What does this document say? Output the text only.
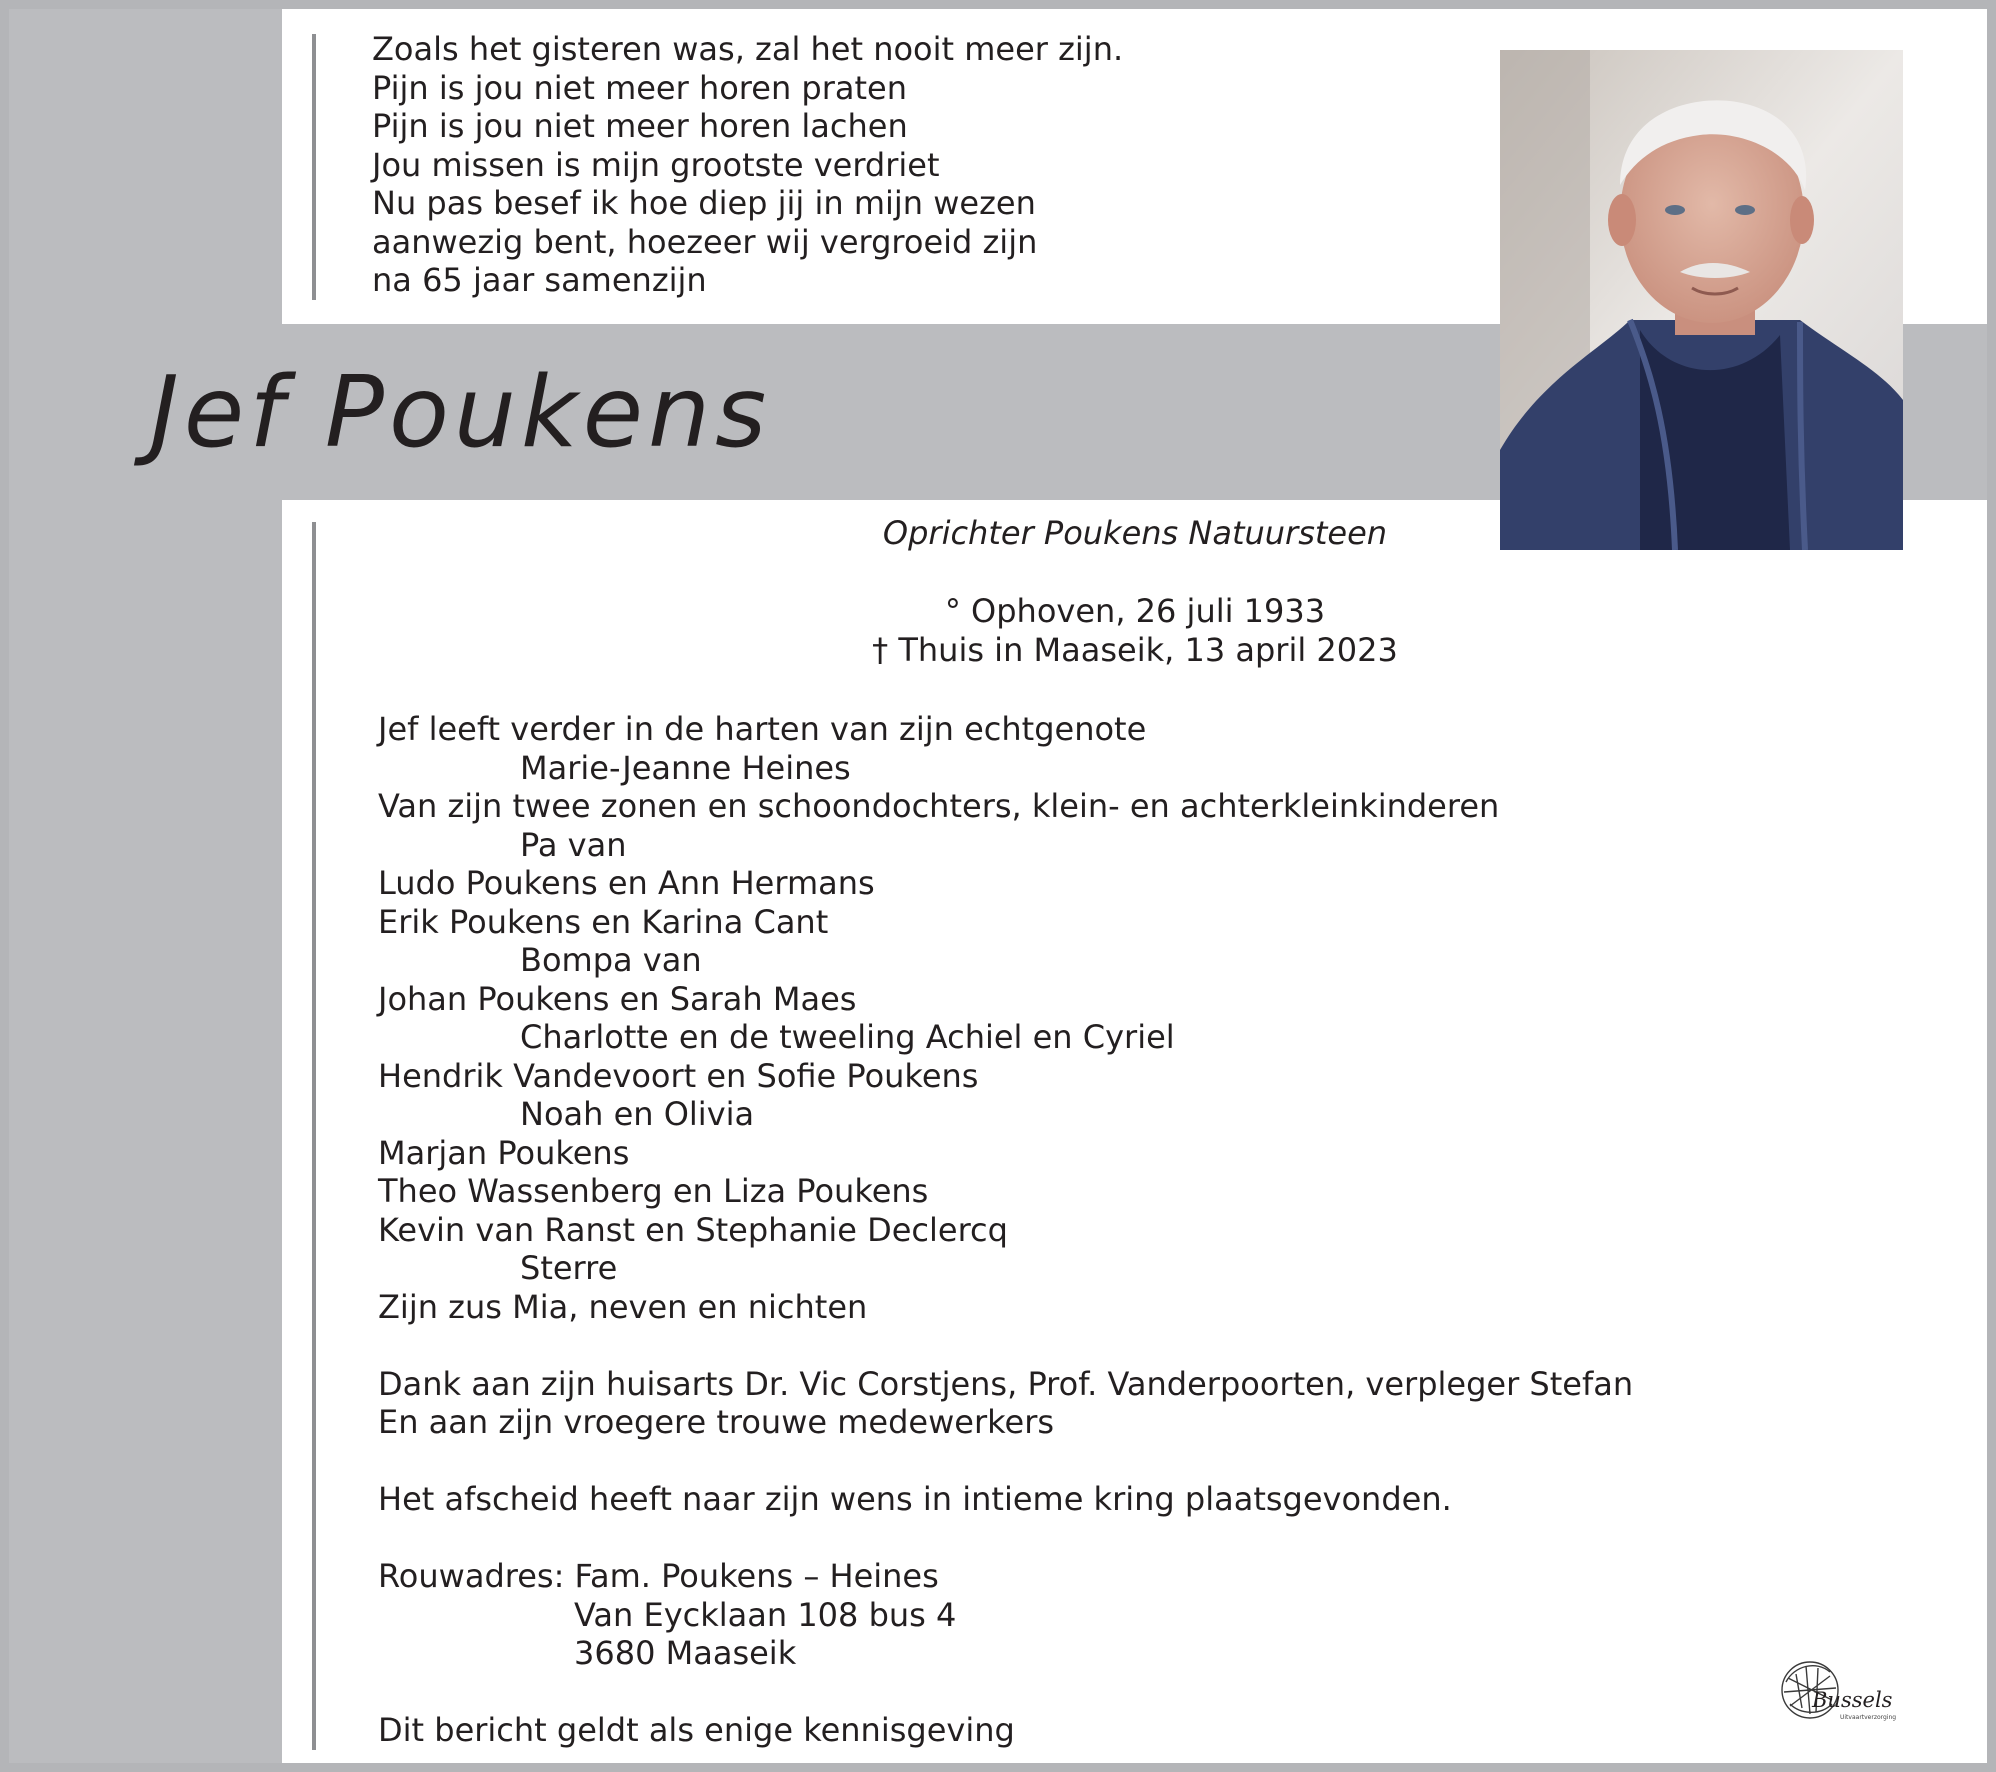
Zoals het gisteren was, zal het nooit meer zijn.
Pijn is jou niet meer horen praten
Pijn is jou niet meer horen lachen
Jou missen is mijn grootste verdriet
Nu pas besef ik hoe diep jij in mijn wezen
aanwezig bent, hoezeer wij vergroeid zijn
na 65 jaar samenzijn
Jef Poukens
Oprichter Poukens Natuursteen
° Ophoven, 26 juli 1933
† Thuis in Maaseik, 13 april 2023
Jef leeft verder in de harten van zijn echtgenote
Marie-Jeanne Heines
Van zijn twee zonen en schoondochters, klein- en achterkleinkinderen
Pa van
Ludo Poukens en Ann Hermans
Erik Poukens en Karina Cant
Bompa van
Johan Poukens en Sarah Maes
Charlotte en de tweeling Achiel en Cyriel
Hendrik Vandevoort en Sofie Poukens
Noah en Olivia
Marjan Poukens
Theo Wassenberg en Liza Poukens
Kevin van Ranst en Stephanie Declercq
Sterre
Zijn zus Mia, neven en nichten
Dank aan zijn huisarts Dr. Vic Corstjens, Prof. Vanderpoorten, verpleger Stefan
En aan zijn vroegere trouwe medewerkers
Het afscheid heeft naar zijn wens in intieme kring plaatsgevonden.
Rouwadres: Fam. Poukens – Heines
Van Eycklaan 108 bus 4
3680 Maaseik
Dit bericht geldt als enige kennisgeving
Bussels
Uitvaartverzorging
